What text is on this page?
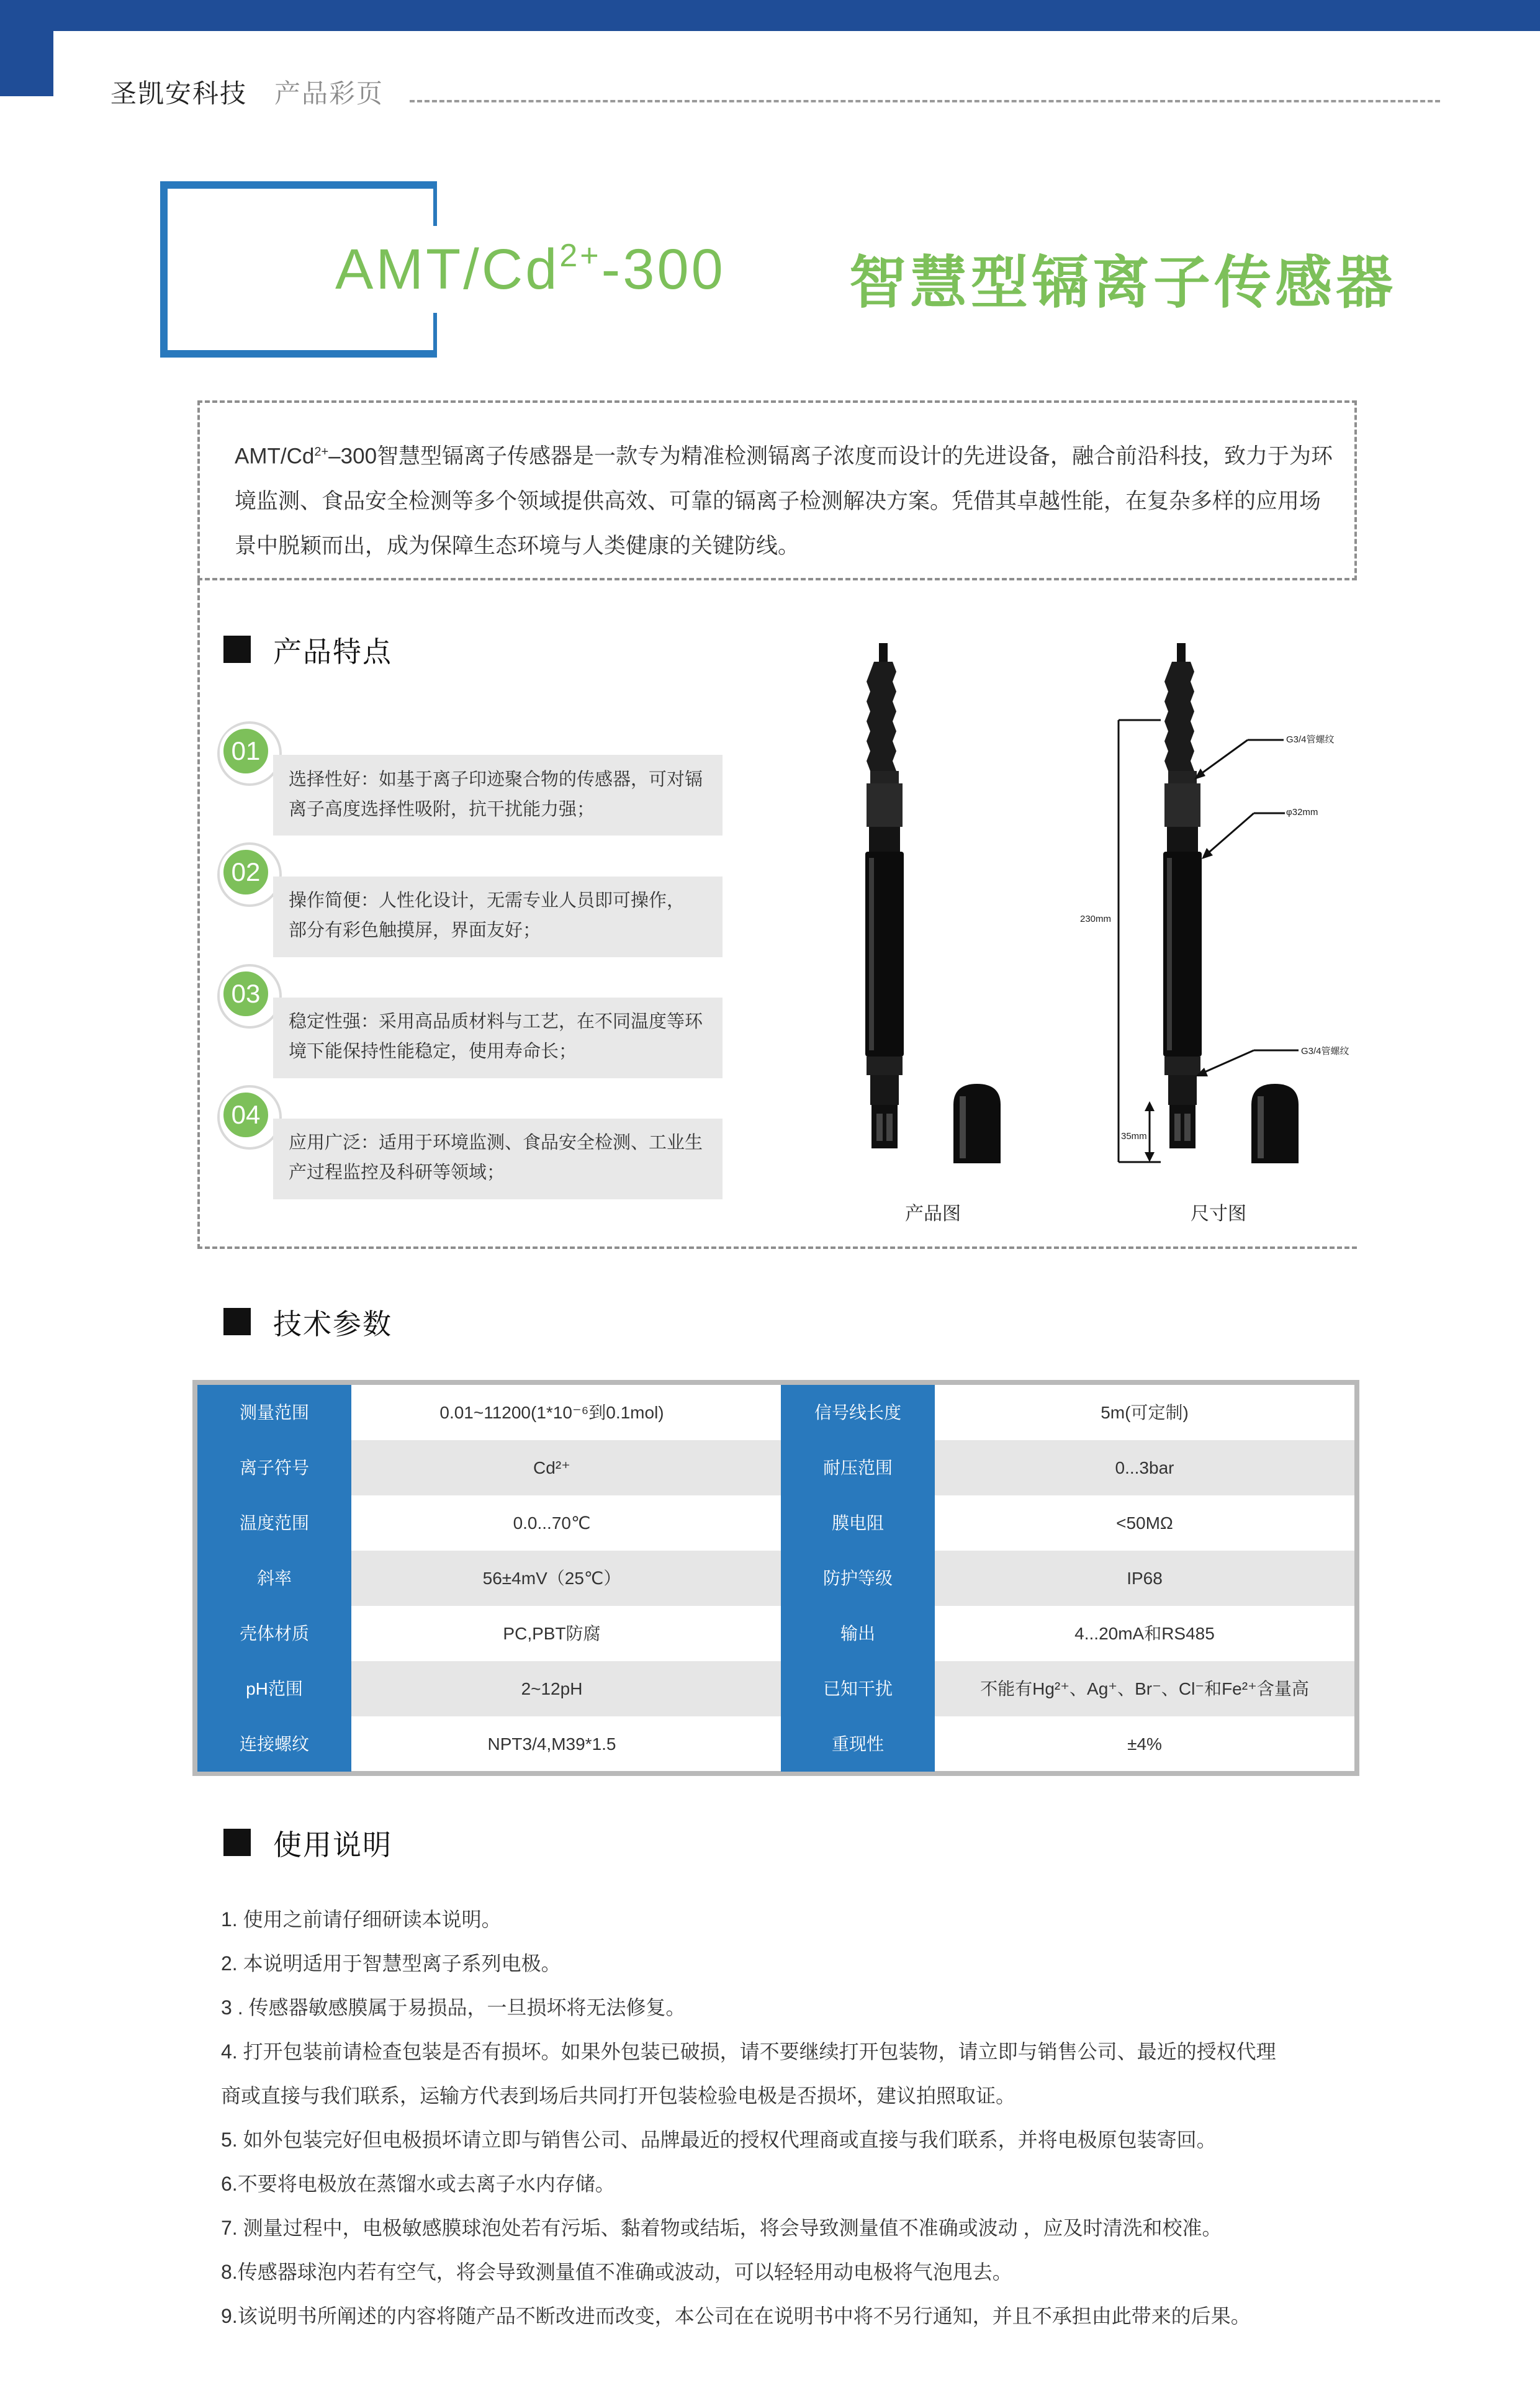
圣凯安科技 产品彩页
AMT/$Cd^{2+}-300$ 智慧型镉离子传感器
AMT/$Cd^{2+}-300$智慧型镉离子传感器是一款专为精准检测镉离子浓度而设计的先进设备，融合前沿科技，致力于为环境监测、食品安全检测等多个领域提供高效、可靠的镉离子检测解决方案。凭借其卓越性能，在复杂多样的应用场景中脱颖而出，成为保障生态环境与人类健康的关键防线。
产品特点
01
选择性好：如基于离子印迹聚合物的传感器，可对镉
离子高度选择性吸附，抗干扰能力强；
02
操作简便：人性化设计，无需专业人员即可操作，
部分有彩色触摸屏，界面友好；
03
稳定性强：采用高品质材料与工艺，在不同温度等环
境下能保持性能稳定，使用寿命长；
04
应用广泛：适用于环境监测、食品安全检测、工业生
产过程监控及科研等领域；
产品图
G3/4管螺纹
φ32mm
230mm
G3/4管螺纹
35mm
尺寸图
技术参数
测量范围	0.01~11200(1*10⁻⁶到0.1mol)	信号线长度	5m(可定制)
离子符号	Cd²⁺	耐压范围	0...3bar
温度范围	0.0...70℃	膜电阻	<50MΩ
斜率	56±4mV（25℃）	防护等级	IP68
壳体材质	PC,PBT防腐	输出	4...20mA和RS485
pH范围	2~12pH	已知干扰	不能有Hg²⁺、Ag⁺、Br⁻、Cl⁻和Fe²⁺含量高
连接螺纹	NPT3/4,M39*1.5	重现性	±4%
使用说明
1. 使用之前请仔细研读本说明。
2. 本说明适用于智慧型离子系列电极。
3 . 传感器敏感膜属于易损品，一旦损坏将无法修复。
4. 打开包装前请检查包装是否有损坏。如果外包装已破损，请不要继续打开包装物，请立即与销售公司、最近的授权代理
商或直接与我们联系，运输方代表到场后共同打开包装检验电极是否损坏，建议拍照取证。
5. 如外包装完好但电极损坏请立即与销售公司、品牌最近的授权代理商或直接与我们联系，并将电极原包装寄回。
6.不要将电极放在蒸馏水或去离子水内存储。
7. 测量过程中，电极敏感膜球泡处若有污垢、黏着物或结垢，将会导致测量值不准确或波动 ，应及时清洗和校准。
8.传感器球泡内若有空气，将会导致测量值不准确或波动，可以轻轻用动电极将气泡甩去。
9.该说明书所阐述的内容将随产品不断改进而改变，本公司在在说明书中将不另行通知，并且不承担由此带来的后果。
